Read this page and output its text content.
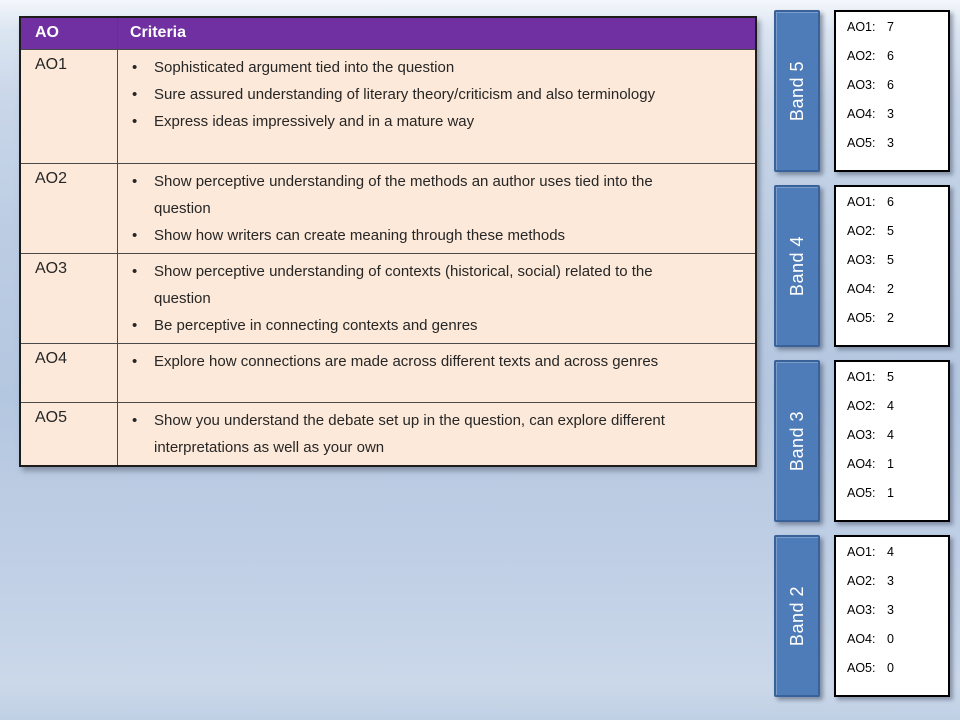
AO	Criteria
AO1	•	Sophisticated argument tied into the question
•	Sure assured understanding of literary theory/criticism and also terminology
•	Express ideas impressively and in a mature way
AO2	•	Show perceptive understanding of the methods an author uses tied into the question
•	Show how writers can create meaning through these methods
AO3	•	Show perceptive understanding of contexts (historical, social) related to the question
•	Be perceptive in connecting contexts and genres
AO4	•	Explore how connections are made across different texts and across genres
AO5	•	Show you understand the debate set up in the question, can explore different interpretations as well as your own
Band 5
AO1: 7
AO2: 6
AO3: 6
AO4: 3
AO5: 3
Band 4
AO1: 6
AO2: 5
AO3: 5
AO4: 2
AO5: 2
Band 3
AO1: 5
AO2: 4
AO3: 4
AO4: 1
AO5: 1
Band 2
AO1: 4
AO2: 3
AO3: 3
AO4: 0
AO5: 0
